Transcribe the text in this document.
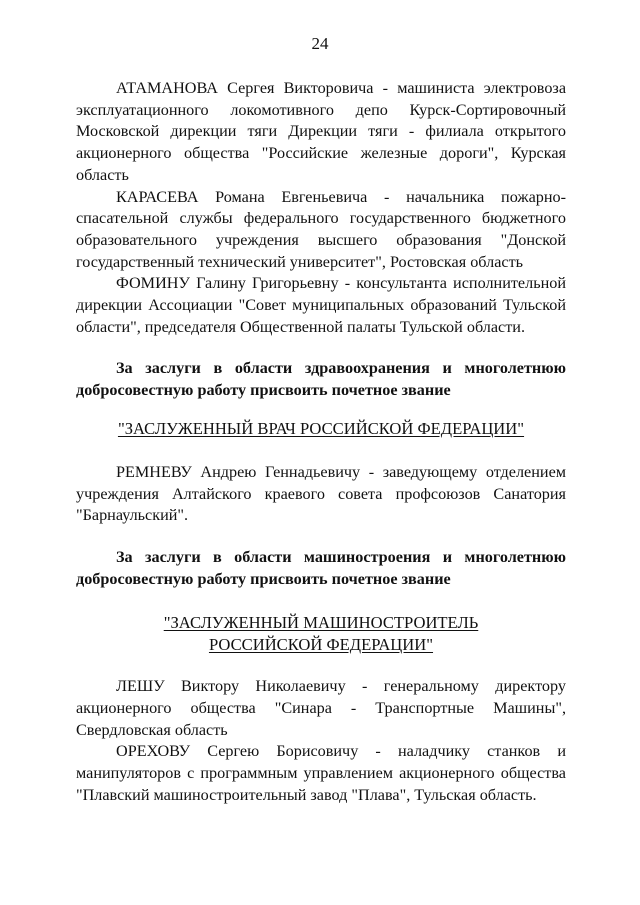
24

АТАМАНОВА Сергея Викторовича - машиниста электровоза эксплуатационного локомотивного депо Курск-Сортировочный Московской дирекции тяги Дирекции тяги - филиала открытого акционерного общества "Российские железные дороги", Курская область

КАРАСЕВА Романа Евгеньевича - начальника пожарно-спасательной службы федерального государственного бюджетного образовательного учреждения высшего образования "Донской государственный технический университет", Ростовская область

ФОМИНУ Галину Григорьевну - консультанта исполнительной дирекции Ассоциации "Совет муниципальных образований Тульской области", председателя Общественной палаты Тульской области.

За заслуги в области здравоохранения и многолетнюю добросовестную работу присвоить почетное звание

"ЗАСЛУЖЕННЫЙ ВРАЧ РОССИЙСКОЙ ФЕДЕРАЦИИ"

РЕМНЕВУ Андрею Геннадьевичу - заведующему отделением учреждения Алтайского краевого совета профсоюзов Санатория "Барнаульский".

За заслуги в области машиностроения и многолетнюю добросовестную работу присвоить почетное звание

"ЗАСЛУЖЕННЫЙ МАШИНОСТРОИТЕЛЬ
РОССИЙСКОЙ ФЕДЕРАЦИИ"

ЛЕШУ Виктору Николаевичу - генеральному директору акционерного общества "Синара - Транспортные Машины", Свердловская область

ОРЕХОВУ Сергею Борисовичу - наладчику станков и манипуляторов с программным управлением акционерного общества "Плавский машиностроительный завод "Плава", Тульская область.
